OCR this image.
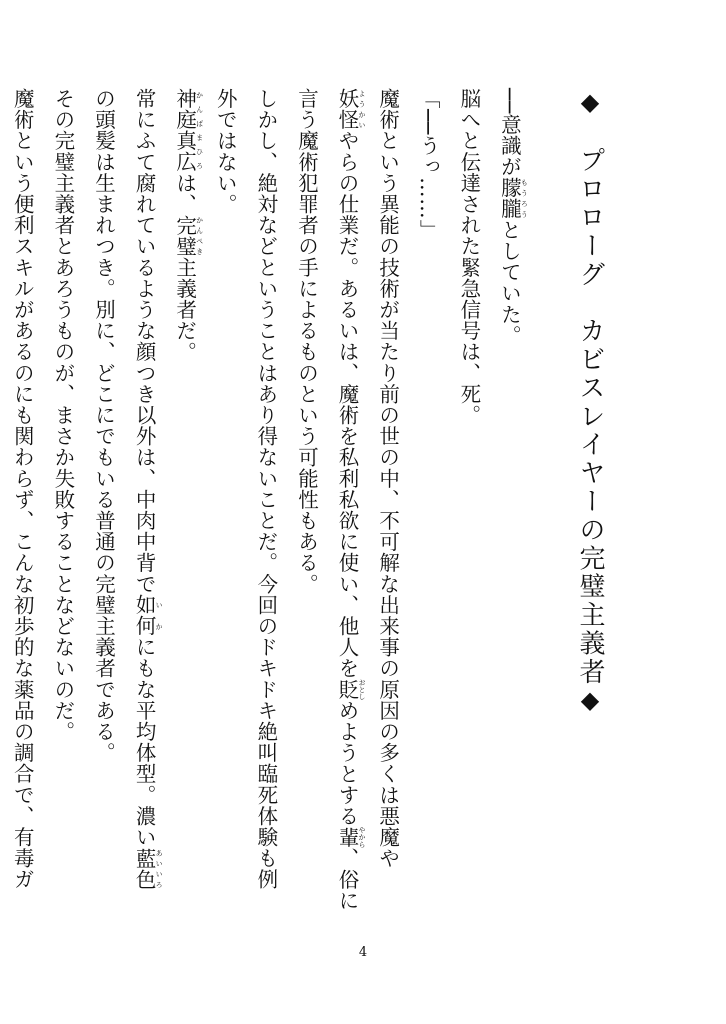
◆　プロローグ　カビスレイヤーの完璧主義者◆
──意識が朦朧 もうろうとしていた。
脳へと伝達された緊急信号は、死。
「──うっ……」
魔術という異能の技術が当たり前の世の中、不可解な出来事の原因の多くは悪魔や
妖怪 ようかいやらの仕業だ。あるいは、魔術を私利私欲に使い、他人を貶 おとしめようとする輩 やから、俗に
言う魔術犯罪者の手によるものという可能性もある。
しかし、絶対などということはあり得ないことだ。今回のドキドキ絶叫臨死体験も例
外ではない。
神庭 かんば真広 まひろは、完璧 かんぺき主義者だ。
常にふて腐れているような顔つき以外は、中肉中背で如何 いかにもな平均体型。濃い藍色 あいいろ
の頭髪は生まれつき。別に、どこにでもいる普通の完璧主義者である。
その完璧主義者とあろうものが、まさか失敗することなどないのだ。
魔術という便利スキルがあるのにも関わらず、こんな初歩的な薬品の調合で、有毒ガ
4
